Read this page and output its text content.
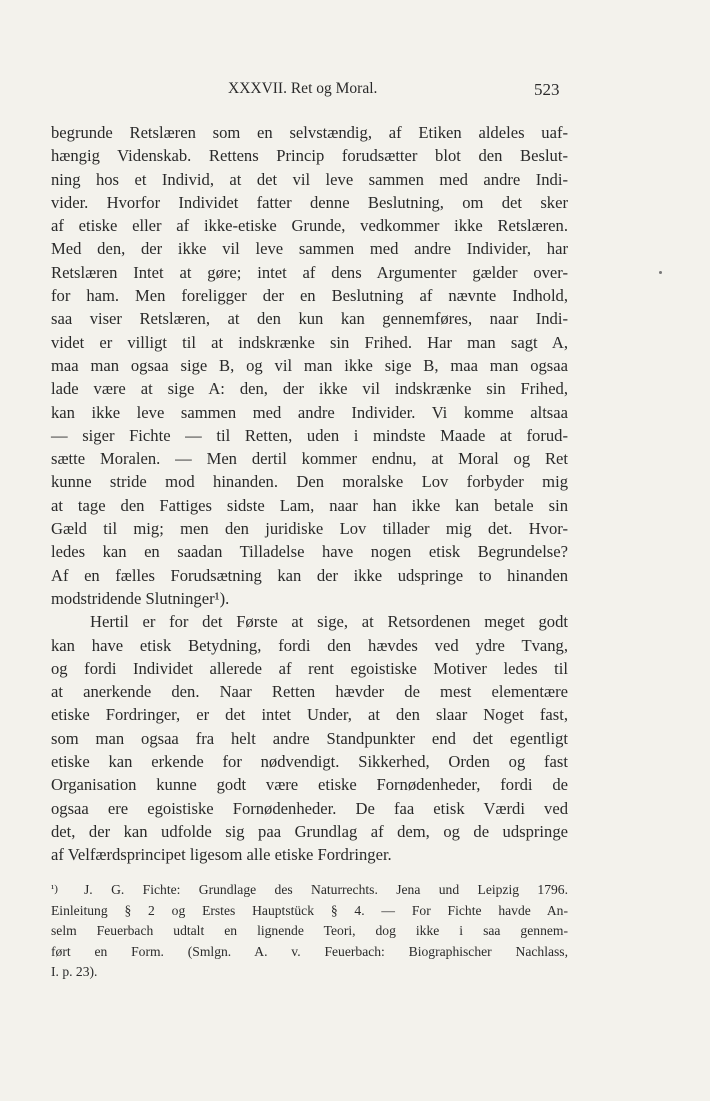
XXXVII. Ret og Moral.	523
begrunde Retslæren som en selvstændig, af Etiken aldeles uaf-
hængig Videnskab. Rettens Princip forudsætter blot den Beslut-
ning hos et Individ, at det vil leve sammen med andre Indi-
vider. Hvorfor Individet fatter denne Beslutning, om det sker
af etiske eller af ikke-etiske Grunde, vedkommer ikke Retslæren.
Med den, der ikke vil leve sammen med andre Individer, har
Retslæren Intet at gøre; intet af dens Argumenter gælder over-
for ham. Men foreligger der en Beslutning af nævnte Indhold,
saa viser Retslæren, at den kun kan gennemføres, naar Indi-
videt er villigt til at indskrænke sin Frihed. Har man sagt A,
maa man ogsaa sige B, og vil man ikke sige B, maa man ogsaa
lade være at sige A: den, der ikke vil indskrænke sin Frihed,
kan ikke leve sammen med andre Individer. Vi komme altsaa
— siger Fichte — til Retten, uden i mindste Maade at forud-
sætte Moralen. — Men dertil kommer endnu, at Moral og Ret
kunne stride mod hinanden. Den moralske Lov forbyder mig
at tage den Fattiges sidste Lam, naar han ikke kan betale sin
Gæld til mig; men den juridiske Lov tillader mig det. Hvor-
ledes kan en saadan Tilladelse have nogen etisk Begrundelse?
Af en fælles Forudsætning kan der ikke udspringe to hinanden
modstridende Slutninger¹).
Hertil er for det Første at sige, at Retsordenen meget godt
kan have etisk Betydning, fordi den hævdes ved ydre Tvang,
og fordi Individet allerede af rent egoistiske Motiver ledes til
at anerkende den. Naar Retten hævder de mest elementære
etiske Fordringer, er det intet Under, at den slaar Noget fast,
som man ogsaa fra helt andre Standpunkter end det egentligt
etiske kan erkende for nødvendigt. Sikkerhed, Orden og fast
Organisation kunne godt være etiske Fornødenheder, fordi de
ogsaa ere egoistiske Fornødenheder. De faa etisk Værdi ved
det, der kan udfolde sig paa Grundlag af dem, og de udspringe
af Velfærdsprincipet ligesom alle etiske Fordringer.
¹)	J. G. Fichte: Grundlage des Naturrechts. Jena und Leipzig 1796.
Einleitung § 2 og Erstes Hauptstück § 4. — For Fichte havde An-
selm Feuerbach udtalt en lignende Teori, dog ikke i saa gennem-
ført en Form. (Smlgn. A. v. Feuerbach: Biographischer Nachlass,
I. p. 23).
